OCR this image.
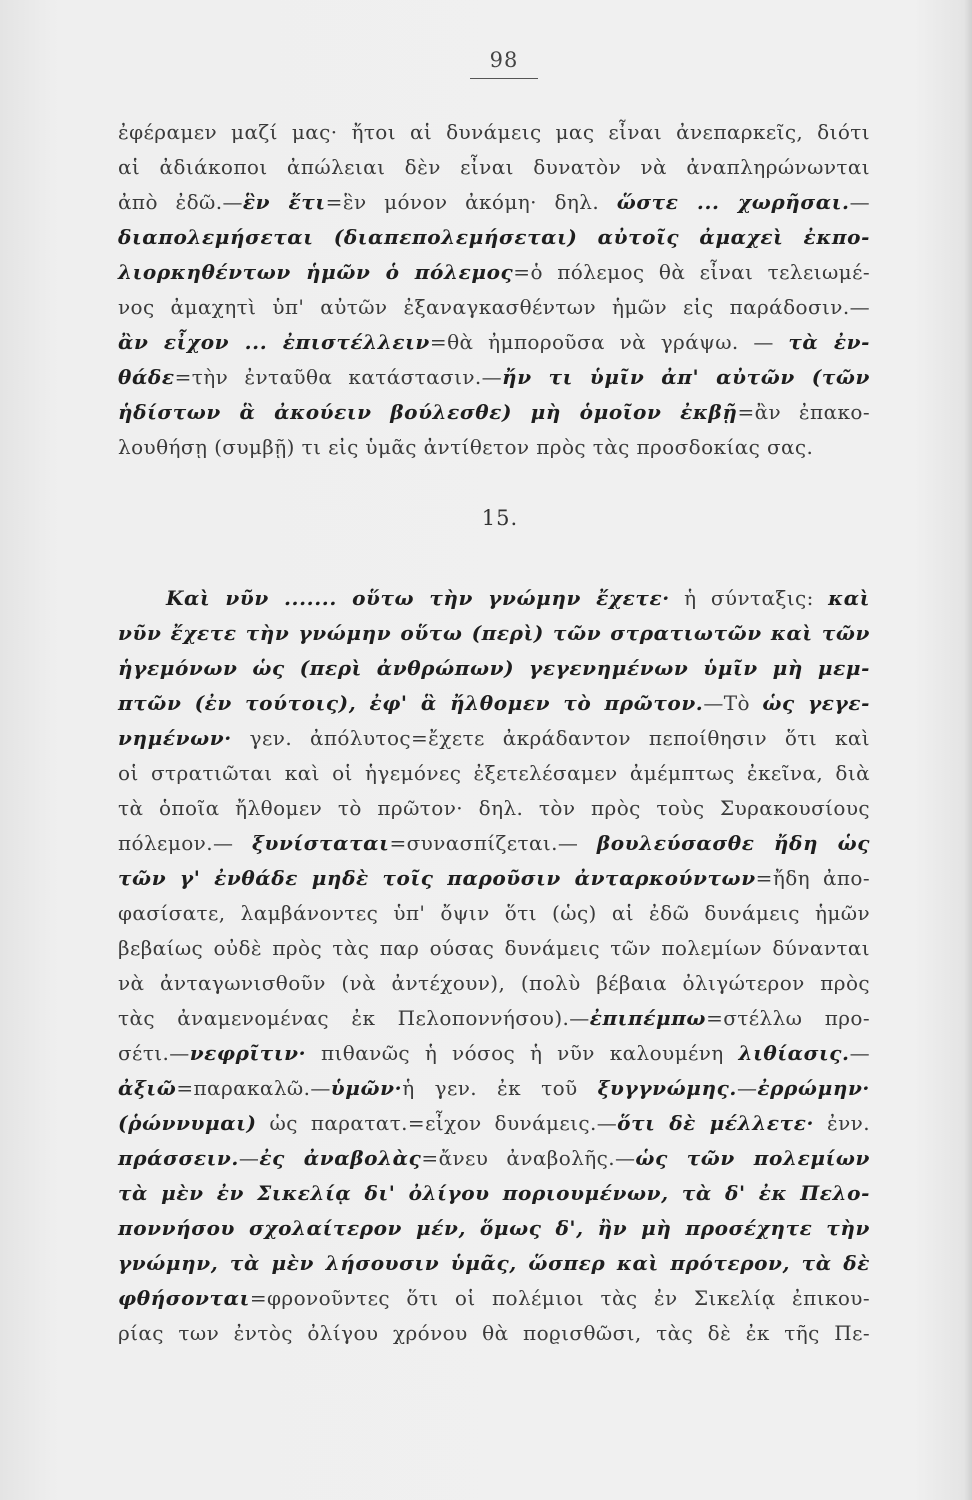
98
ἐφέραμεν μαζί μας· ἤτοι αἱ δυνάμεις μας εἶναι ἀνεπαρκεῖς, διότι
αἱ ἀδιάκοποι ἀπώλειαι δὲν εἶναι δυνατὸν νὰ ἀναπληρώνωνται
ἀπὸ ἐδῶ.—ἓν ἔτι=ἓν μόνον ἀκόμη· δηλ. ὥστε ... χωρῆσαι.—
διαπολεμήσεται (διαπεπολεμήσεται) αὐτοῖς ἀμαχεὶ ἐκπο-
λιορκηθέντων ἡμῶν ὁ πόλεμος=ὁ πόλεμος θὰ εἶναι τελειωμέ-
νος ἀμαχητὶ ὑπ' αὐτῶν ἐξαναγκασθέντων ἡμῶν εἰς παράδοσιν.—
ἂν εἶχον ... ἐπιστέλλειν=θὰ ἠμποροῦσα νὰ γράψω. — τὰ ἐν-
θάδε=τὴν ἐνταῦθα κατάστασιν.—ἤν τι ὑμῖν ἀπ' αὐτῶν (τῶν
ἡδίστων ἃ ἀκούειν βούλεσθε) μὴ ὁμοῖον ἐκβῇ=ἂν ἐπακο-
λουθήσῃ (συμβῇ) τι εἰς ὑμᾶς ἀντίθετον πρὸς τὰς προσδοκίας σας.
15.
Καὶ νῦν ....... οὕτω τὴν γνώμην ἔχετε· ἡ σύνταξις: καὶ
νῦν ἔχετε τὴν γνώμην οὕτω (περὶ) τῶν στρατιωτῶν καὶ τῶν
ἡγεμόνων ὡς (περὶ ἀνθρώπων) γεγενημένων ὑμῖν μὴ μεμ-
πτῶν (ἐν τούτοις), ἐφ' ἃ ἤλθομεν τὸ πρῶτον.—Τὸ ὡς γεγε-
νημένων· γεν. ἀπόλυτος=ἔχετε ἀκράδαντον πεποίθησιν ὅτι καὶ
οἱ στρατιῶται καὶ οἱ ἡγεμόνες ἐξετελέσαμεν ἀμέμπτως ἐκεῖνα, διὰ
τὰ ὁποῖα ἤλθομεν τὸ πρῶτον· δηλ. τὸν πρὸς τοὺς Συρακουσίους
πόλεμον.— ξυνίσταται=συνασπίζεται.— βουλεύσασθε ἤδη ὡς
τῶν γ' ἐνθάδε μηδὲ τοῖς παροῦσιν ἀνταρκούντων=ἤδη ἀπο-
φασίσατε, λαμβάνοντες ὑπ' ὄψιν ὅτι (ὡς) αἱ ἐδῶ δυνάμεις ἡμῶν
βεβαίως οὐδὲ πρὸς τὰς παρ ούσας δυνάμεις τῶν πολεμίων δύνανται
νὰ ἀνταγωνισθοῦν (νὰ ἀντέχουν), (πολὺ βέβαια ὀλιγώτερον πρὸς
τὰς ἀναμενομένας ἐκ Πελοποννήσου).—ἐπιπέμπω=στέλλω προ-
σέτι.—νεφρῖτιν· πιθανῶς ἡ νόσος ἡ νῦν καλουμένη λιθίασις.—
ἀξιῶ=παρακαλῶ.—ὑμῶν·ἡ γεν. ἐκ τοῦ ξυγγνώμης.—ἐρρώμην·
(ῥώννυμαι) ὡς παρατατ.=εἶχον δυνάμεις.—ὅτι δὲ μέλλετε· ἐνν.
πράσσειν.—ἐς ἀναβολὰς=ἄνευ ἀναβολῆς.—ὡς τῶν πολεμίων
τὰ μὲν ἐν Σικελίᾳ δι' ὀλίγου ποριουμένων, τὰ δ' ἐκ Πελο-
ποννήσου σχολαίτερον μέν, ὅμως δ', ἢν μὴ προσέχητε τὴν
γνώμην, τὰ μὲν λήσουσιν ὑμᾶς, ὥσπερ καὶ πρότερον, τὰ δὲ
φθήσονται=φρονοῦντες ὅτι οἱ πολέμιοι τὰς ἐν Σικελίᾳ ἐπικου-
ρίας των ἐντὸς ὀλίγου χρόνου θὰ ποϱισθῶσι, τὰς δὲ ἐκ τῆς Πε-
